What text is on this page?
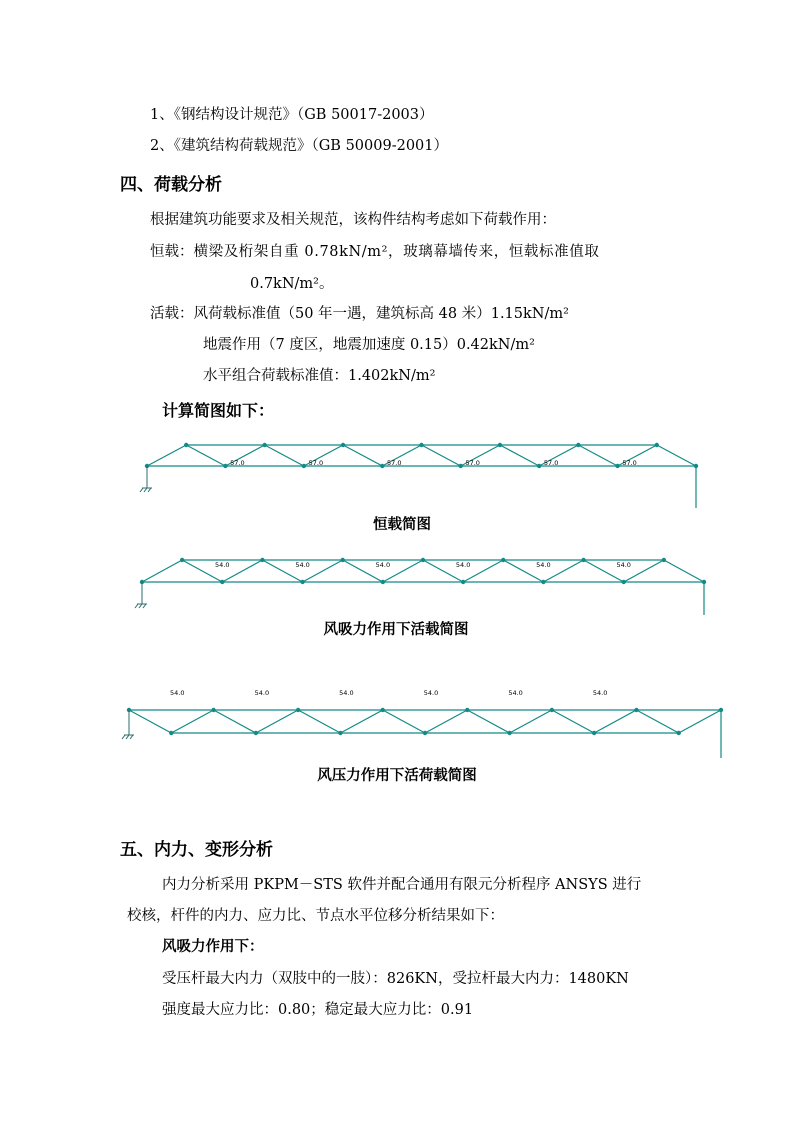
1、《钢结构设计规范》（GB 50017-2003）
2、《建筑结构荷载规范》（GB 50009-2001）
四、荷载分析
根据建筑功能要求及相关规范，该构件结构考虑如下荷载作用：
恒载：横梁及桁架自重 0.78kN/m²，玻璃幕墙传来，恒载标准值取
0.7kN/m²。
活载：风荷载标准值（50 年一遇，建筑标高 48 米）1.15kN/m²
地震作用（7 度区，地震加速度 0.15）0.42kN/m²
水平组合荷载标准值：1.402kN/m²
计算简图如下：
57.0	57.0	57.0	57.0	57.0	57.0
恒载简图
54.0	54.0	54.0	54.0	54.0	54.0
风吸力作用下活载简图
54.0	54.0	54.0	54.0	54.0	54.0
风压力作用下活荷载简图
五、内力、变形分析
内力分析采用 PKPM－STS 软件并配合通用有限元分析程序 ANSYS 进行
校核，杆件的内力、应力比、节点水平位移分析结果如下：
风吸力作用下：
受压杆最大内力（双肢中的一肢）：826KN，受拉杆最大内力：1480KN
强度最大应力比：0.80；稳定最大应力比：0.91
